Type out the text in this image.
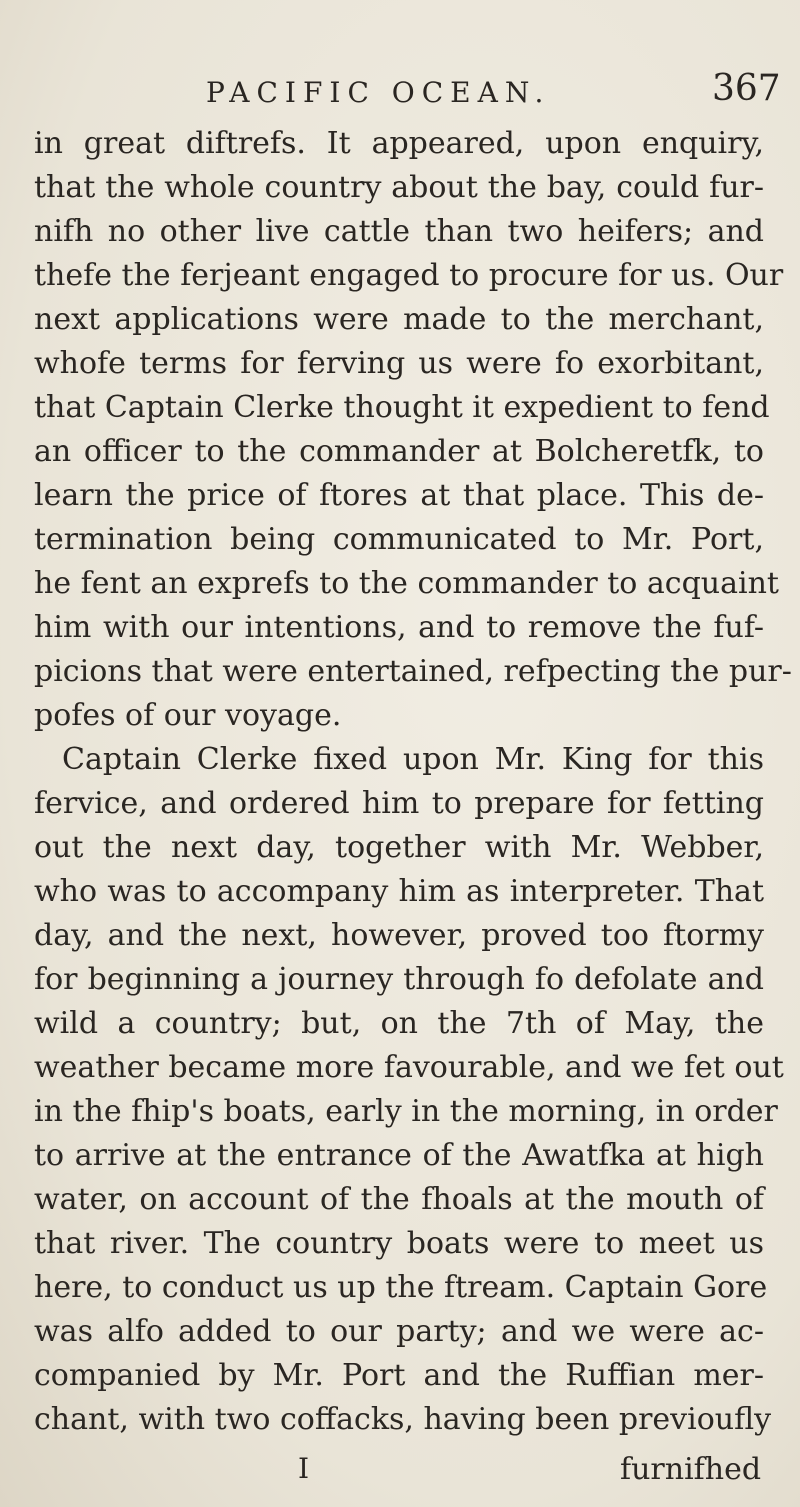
PACIFIC OCEAN.	367
in great diftrefs. It appeared, upon enquiry,
that the whole country about the bay, could fur-
nifh no other live cattle than two heifers; and
thefe the ferjeant engaged to procure for us. Our
next applications were made to the merchant,
whofe terms for ferving us were fo exorbitant,
that Captain Clerke thought it expedient to fend
an officer to the commander at Bolcheretfk, to
learn the price of ftores at that place. This de-
termination being communicated to Mr. Port,
he fent an exprefs to the commander to acquaint
him with our intentions, and to remove the fuf-
picions that were entertained, refpecting the pur-
pofes of our voyage.
Captain Clerke fixed upon Mr. King for this
fervice, and ordered him to prepare for fetting
out the next day, together with Mr. Webber,
who was to accompany him as interpreter. That
day, and the next, however, proved too ftormy
for beginning a journey through fo defolate and
wild a country; but, on the 7th of May, the
weather became more favourable, and we fet out
in the fhip's boats, early in the morning, in order
to arrive at the entrance of the Awatfka at high
water, on account of the fhoals at the mouth of
that river. The country boats were to meet us
here, to conduct us up the ftream. Captain Gore
was alfo added to our party; and we were ac-
companied by Mr. Port and the Ruffian mer-
chant, with two coffacks, having been previoufly
I	furnifhed
